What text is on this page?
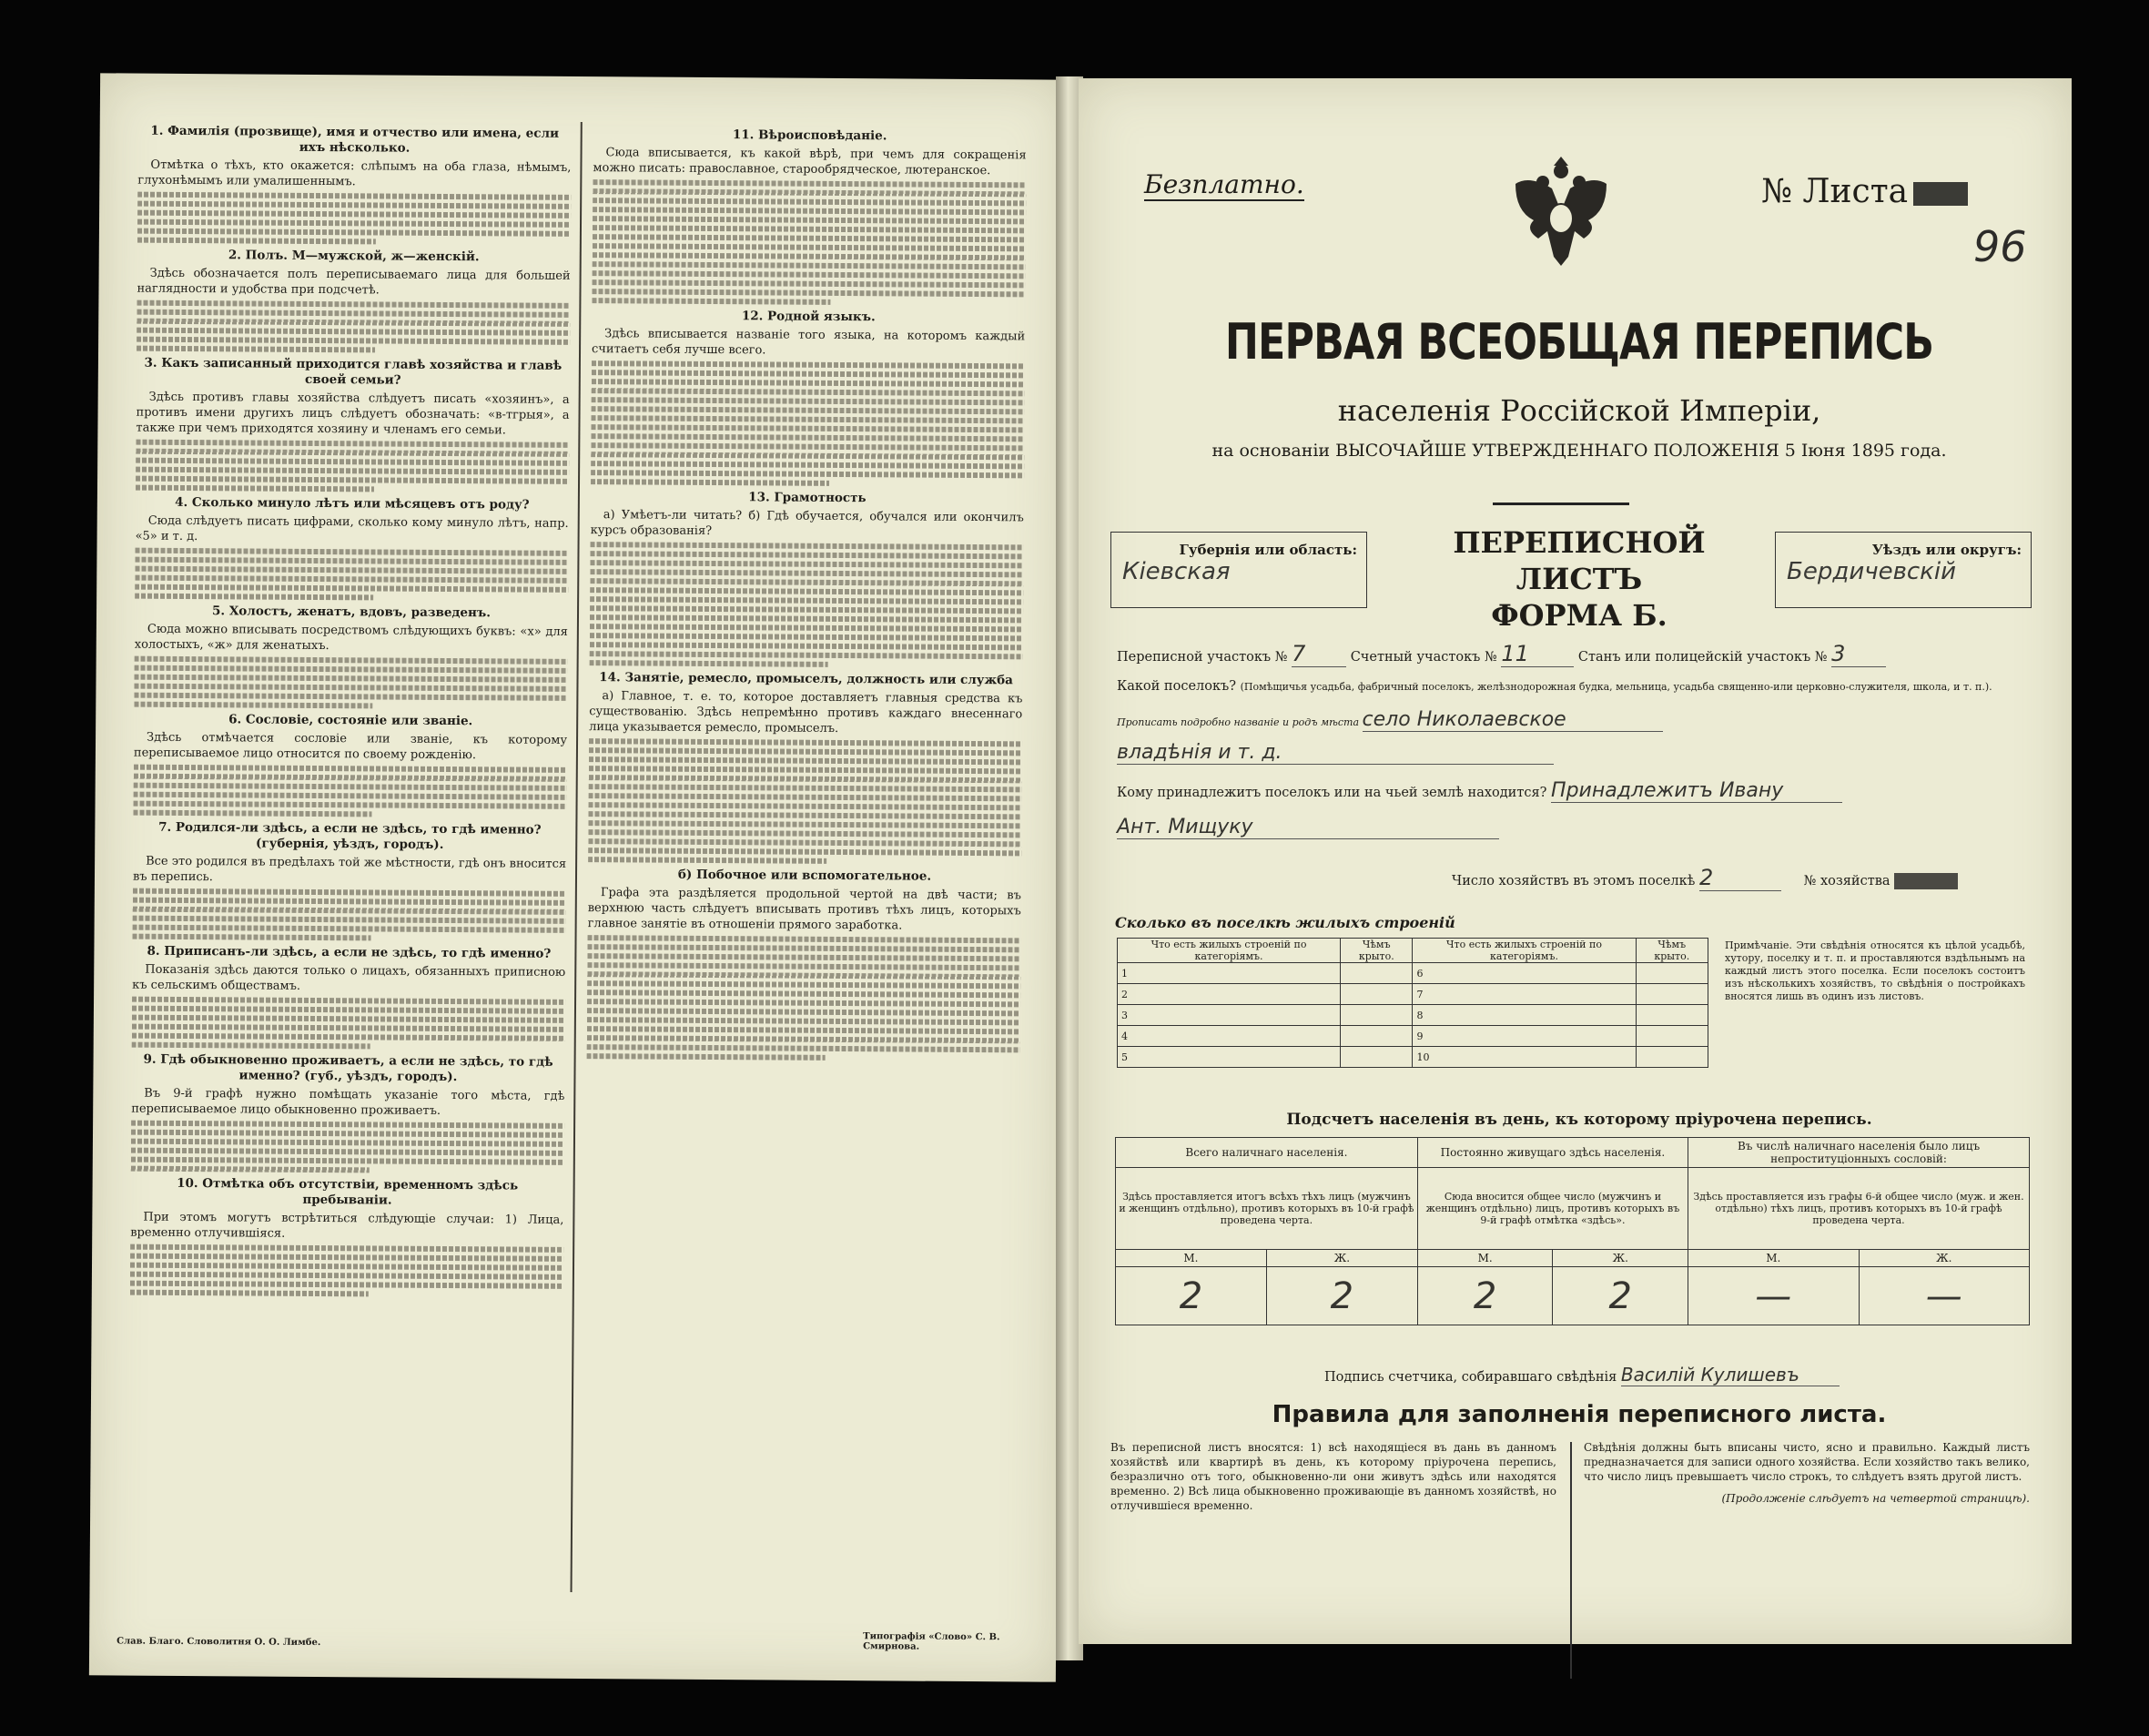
1. Фамилія (прозвище), имя и отчество или имена, если ихъ нѣсколько.

Отмѣтка о тѣхъ, кто окажется: слѣпымъ на оба глаза, нѣмымъ, глухонѣмымъ или умалишеннымъ.

2. Полъ. М—мужской, ж—женскій.

Здѣсь обозначается полъ переписываемаго лица для большей наглядности и удобства при подсчетѣ.

3. Какъ записанный приходится главѣ хозяйства и главѣ своей семьи?

Здѣсь противъ главы хозяйства слѣдуетъ писать «хозяинъ», а противъ имени другихъ лицъ слѣдуетъ обозначать: «в-тгрыя», а также при чемъ приходятся хозяину и членамъ его семьи.

4. Сколько минуло лѣтъ или мѣсяцевъ отъ роду?

Сюда слѣдуетъ писать цифрами, сколько кому минуло лѣтъ, напр. «5» и т. д.

5. Холостъ, женатъ, вдовъ, разведенъ.

Сюда можно вписывать посредствомъ слѣдующихъ буквъ: «х» для холостыхъ, «ж» для женатыхъ.

6. Сословіе, состояніе или званіе.

Здѣсь отмѣчается сословіе или званіе, къ которому переписываемое лицо относится по своему рожденію.

7. Родился-ли здѣсь, а если не здѣсь, то гдѣ именно? (губернія, уѣздъ, городъ).

Все это родился въ предѣлахъ той же мѣстности, гдѣ онъ вносится въ перепись.

8. Приписанъ-ли здѣсь, а если не здѣсь, то гдѣ именно?

Показанія здѣсь даются только о лицахъ, обязанныхъ приписною къ сельскимъ обществамъ.

9. Гдѣ обыкновенно проживаетъ, а если не здѣсь, то гдѣ именно? (губ., уѣздъ, городъ).

Въ 9-й графѣ нужно помѣщать указаніе того мѣста, гдѣ переписываемое лицо обыкновенно проживаетъ.

10. Отмѣтка объ отсутствіи, временномъ здѣсь пребываніи.

При этомъ могутъ встрѣтиться слѣдующіе случаи: 1) Лица, временно отлучившіяся.

11. Вѣроисповѣданіе.

Сюда вписывается, къ какой вѣрѣ, при чемъ для сокращенія можно писать: православное, старообрядческое, лютеранское.

12. Родной языкъ.

Здѣсь вписывается названіе того языка, на которомъ каждый считаетъ себя лучше всего.

13. Грамотность

а) Умѣетъ-ли читать? б) Гдѣ обучается, обучался или окончилъ курсъ образованія?

14. Занятіе, ремесло, промыселъ, должность или служба

а) Главное, т. е. то, которое доставляетъ главныя средства къ существованію. Здѣсь непремѣнно противъ каждаго внесеннаго лица указывается ремесло, промыселъ.

б) Побочное или вспомогательное.

Графа эта раздѣляется продольной чертой на двѣ части; въ верхнюю часть слѣдуетъ вписывать противъ тѣхъ лицъ, которыхъ главное занятіе въ отношеніи прямого заработка.

Слав. Благо. Словолитня О. О. Лимбе.	Типографія «Слово» С. В. Смирнова.
Безплатно.	№ Листа
96
ПЕРВАЯ ВСЕОБЩАЯ ПЕРЕПИСЬ
населенія Россійской Имперіи,
на основаніи ВЫСОЧАЙШЕ УТВЕРЖДЕННАГО ПОЛОЖЕНІЯ 5 Іюня 1895 года.
Губернія или область:
Кіевская
ПЕРЕПИСНОЙ ЛИСТЪ
ФОРМА Б.
Уѣздъ или округъ:
Бердичевскій
Переписной участокъ № 7	Счетный участокъ № 11	Станъ или полицейскій участокъ № 3
Какой поселокъ? (Помѣщичья усадьба, фабричный поселокъ, желѣзнодорожная будка, мельница, усадьба священно-или церковно-служителя, школа, и т. п.).
Прописать подробно названіе и родъ мѣста село Николаевское
владѣнія и т. д.
Кому принадлежитъ поселокъ или на чьей землѣ находится? Принадлежитъ Ивану
Ант. Мищуку
Число хозяйствъ въ этомъ поселкѣ 2	№ хозяйства
Сколько въ поселкѣ жилыхъ строеній
Что есть жилыхъ строеній по категоріямъ.	Чѣмъ крыто.	Что есть жилыхъ строеній по категоріямъ.	Чѣмъ крыто.
1		6	
2		7	
3		8	
4		9	
5		10	
Примѣчаніе. Эти свѣдѣнія относятся къ цѣлой усадьбѣ, хутору, поселку и т. п. и проставляются вздѣльнымъ на каждый листъ этого поселка. Если поселокъ состоитъ изъ нѣсколькихъ хозяйствъ, то свѣдѣнія о постройкахъ вносятся лишь въ одинъ изъ листовъ.
Подсчетъ населенія въ день, къ которому пріурочена перепись.
Всего наличнаго населенія.		Постоянно живущаго здѣсь населенія.		Въ числѣ наличнаго населенія было лицъ непроституціонныхъ сословій:	
Здѣсь проставляется итогъ всѣхъ тѣхъ лицъ (мужчинъ и женщинъ отдѣльно), противъ которыхъ въ 10-й графѣ проведена черта.		Сюда вносится общее число (мужчинъ и женщинъ отдѣльно) лицъ, противъ которыхъ въ 9-й графѣ отмѣтка «здѣсь».		Здѣсь проставляется изъ графы 6-й общее число (муж. и жен. отдѣльно) тѣхъ лицъ, противъ которыхъ въ 10-й графѣ проведена черта.	
М.	Ж.	М.	Ж.	М.	Ж.
2	2	2	2	—	—
Подпись счетчика, собиравшаго свѣдѣнія Василій Кулишевъ
Правила для заполненія переписного листа.
Въ переписной листъ вносятся: 1) всѣ находящіеся въ дань въ данномъ хозяйствѣ или квартирѣ въ день, къ которому пріурочена перепись, безразлично отъ того, обыкновенно-ли они живутъ здѣсь или находятся временно. 2) Всѣ лица обыкновенно проживающіе въ данномъ хозяйствѣ, но отлучившіеся временно.
Свѣдѣнія должны быть вписаны чисто, ясно и правильно. Каждый листъ предназначается для записи одного хозяйства. Если хозяйство такъ велико, что число лицъ превышаетъ число строкъ, то слѣдуетъ взять другой листъ.
(Продолженіе слѣдуетъ на четвертой страницѣ).
